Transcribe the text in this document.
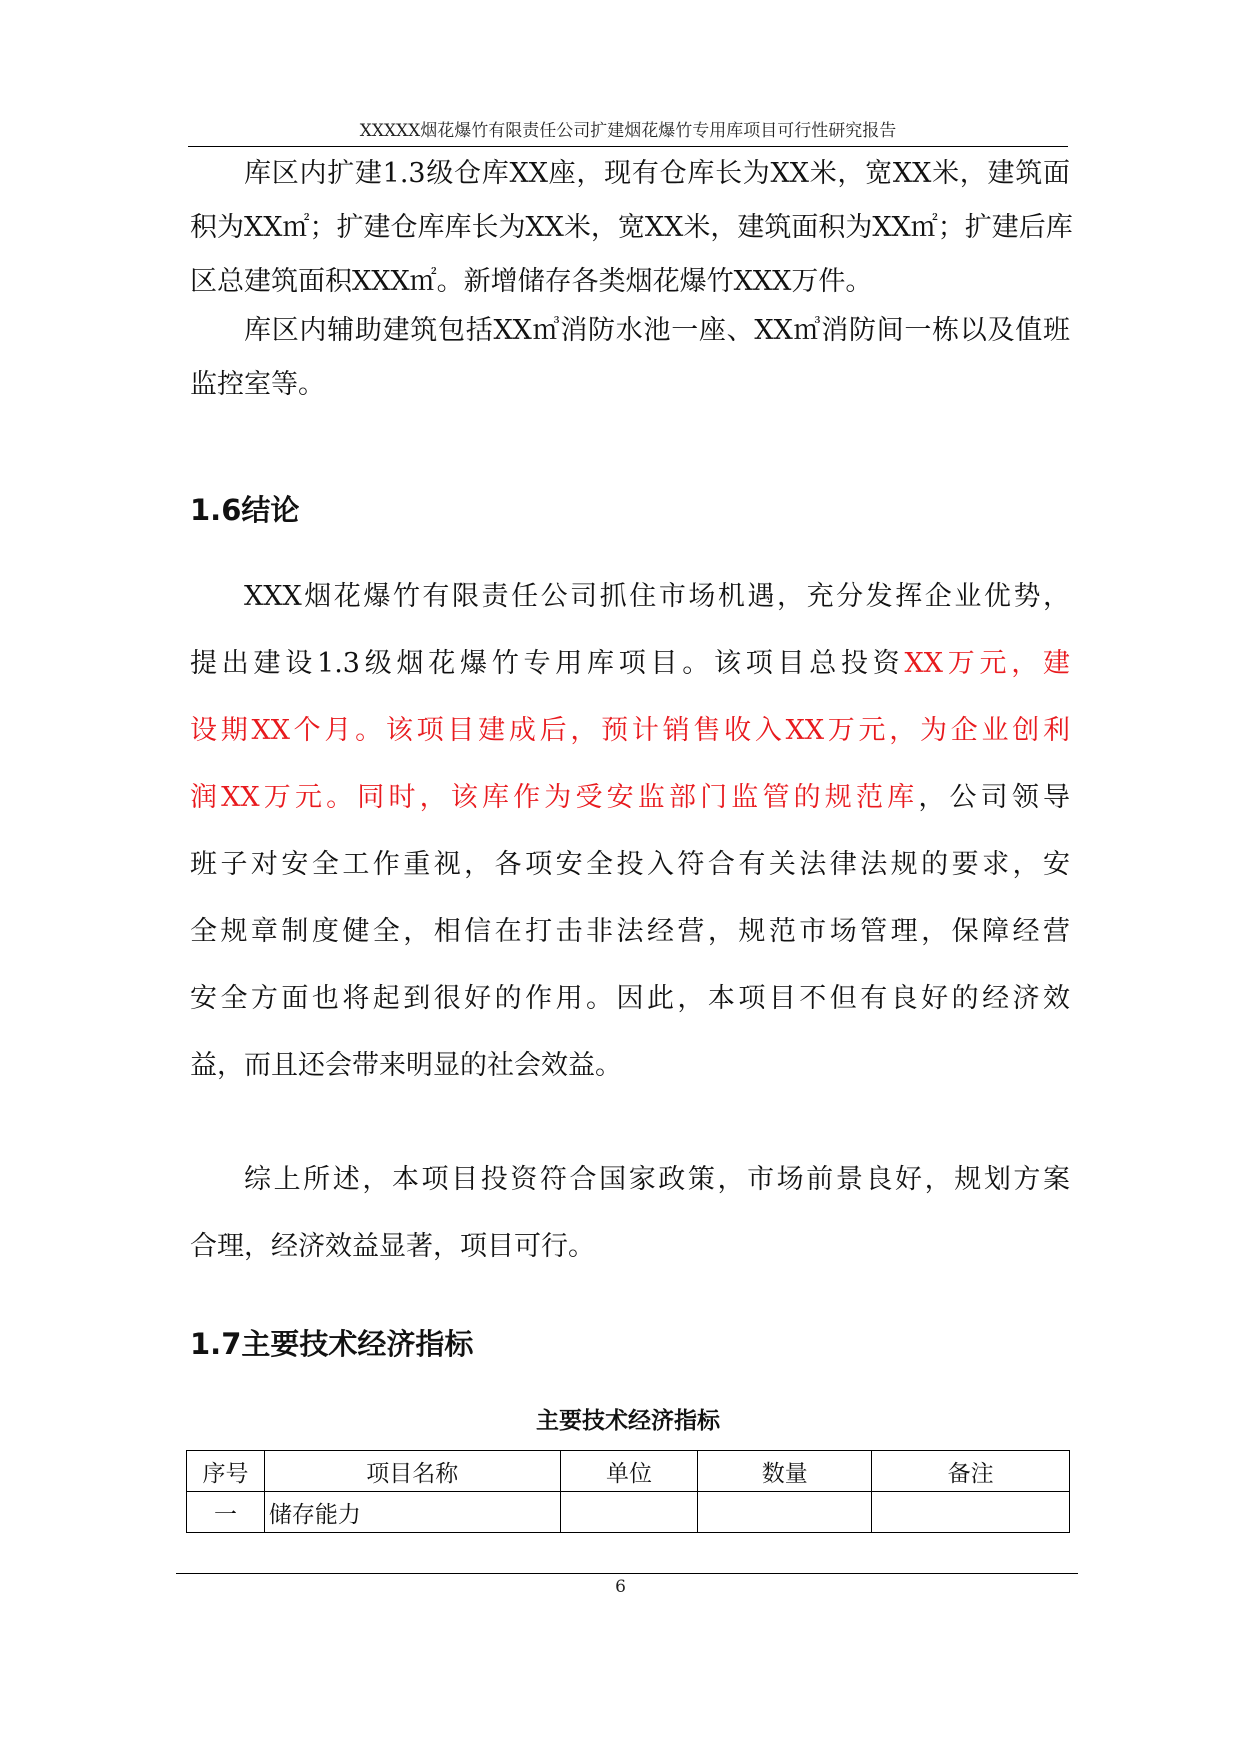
XXXXX烟花爆竹有限责任公司扩建烟花爆竹专用库项目可行性研究报告
库区内扩建1.3级仓库XX座，现有仓库长为XX米，宽XX米，建筑面
积为XX㎡；扩建仓库库长为XX米，宽XX米，建筑面积为XX㎡；扩建后库
区总建筑面积XXX㎡。新增储存各类烟花爆竹XXX万件。
库区内辅助建筑包括XX㎥消防水池一座、XX㎥消防间一栋以及值班
监控室等。
1.6结论
XXX烟花爆竹有限责任公司抓住市场机遇，充分发挥企业优势，
提出建设1.3级烟花爆竹专用库项目。该项目总投资XX万元，建
设期XX个月。该项目建成后，预计销售收入XX万元，为企业创利
润XX万元。同时，该库作为受安监部门监管的规范库，公司领导
班子对安全工作重视，各项安全投入符合有关法律法规的要求，安
全规章制度健全，相信在打击非法经营，规范市场管理，保障经营
安全方面也将起到很好的作用。因此，本项目不但有良好的经济效
益，而且还会带来明显的社会效益。
综上所述，本项目投资符合国家政策，市场前景良好，规划方案
合理，经济效益显著，项目可行。
1.7主要技术经济指标
主要技术经济指标
序号	项目名称	单位	数量	备注
一	储存能力			
6
